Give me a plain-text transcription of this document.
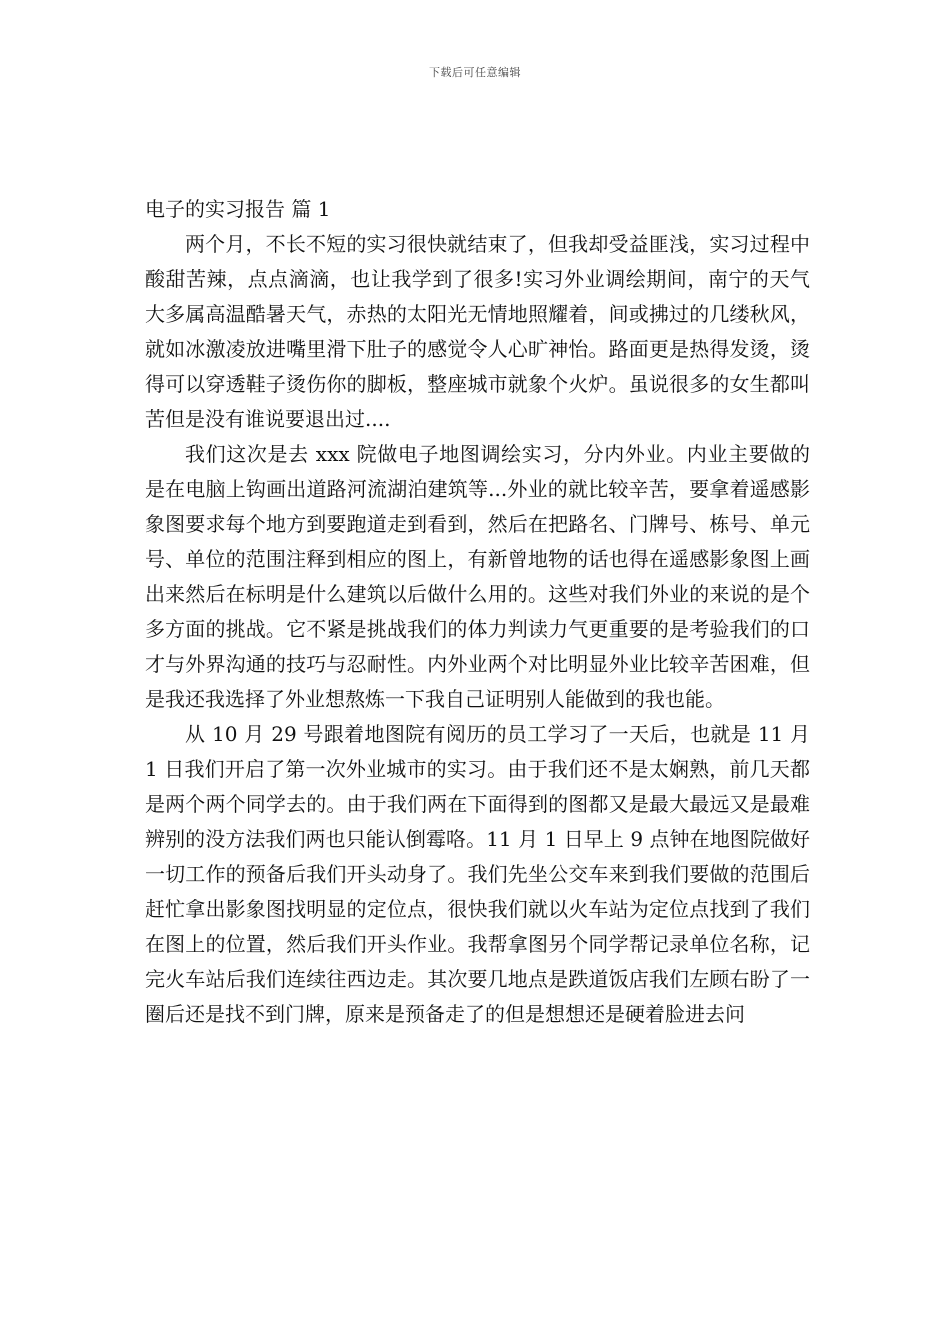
下载后可任意编辑
电子的实习报告 篇 1

两个月，不长不短的实习很快就结束了，但我却受益匪浅，实习过程中酸甜苦辣，点点滴滴，也让我学到了很多!实习外业调绘期间，南宁的天气大多属高温酷暑天气，赤热的太阳光无情地照耀着，间或拂过的几缕秋风，就如冰激凌放进嘴里滑下肚子的感觉令人心旷神怡。路面更是热得发烫，烫得可以穿透鞋子烫伤你的脚板，整座城市就象个火炉。虽说很多的女生都叫苦但是没有谁说要退出过....

我们这次是去 xxx 院做电子地图调绘实习，分内外业。内业主要做的是在电脑上钩画出道路河流湖泊建筑等...外业的就比较辛苦，要拿着遥感影象图要求每个地方到要跑道走到看到，然后在把路名、门牌号、栋号、单元号、单位的范围注释到相应的图上，有新曾地物的话也得在遥感影象图上画出来然后在标明是什么建筑以后做什么用的。这些对我们外业的来说的是个多方面的挑战。它不紧是挑战我们的体力判读力气更重要的是考验我们的口才与外界沟通的技巧与忍耐性。内外业两个对比明显外业比较辛苦困难，但是我还我选择了外业想熬炼一下我自己证明别人能做到的我也能。

从 10 月 29 号跟着地图院有阅历的员工学习了一天后，也就是 11 月 1 日我们开启了第一次外业城市的实习。由于我们还不是太娴熟，前几天都是两个两个同学去的。由于我们两在下面得到的图都又是最大最远又是最难辨别的没方法我们两也只能认倒霉咯。11 月 1 日早上 9 点钟在地图院做好一切工作的预备后我们开头动身了。我们先坐公交车来到我们要做的范围后赶忙拿出影象图找明显的定位点，很快我们就以火车站为定位点找到了我们在图上的位置，然后我们开头作业。我帮拿图另个同学帮记录单位名称，记完火车站后我们连续往西边走。其次要几地点是跌道饭店我们左顾右盼了一圈后还是找不到门牌，原来是预备走了的但是想想还是硬着脸进去问
